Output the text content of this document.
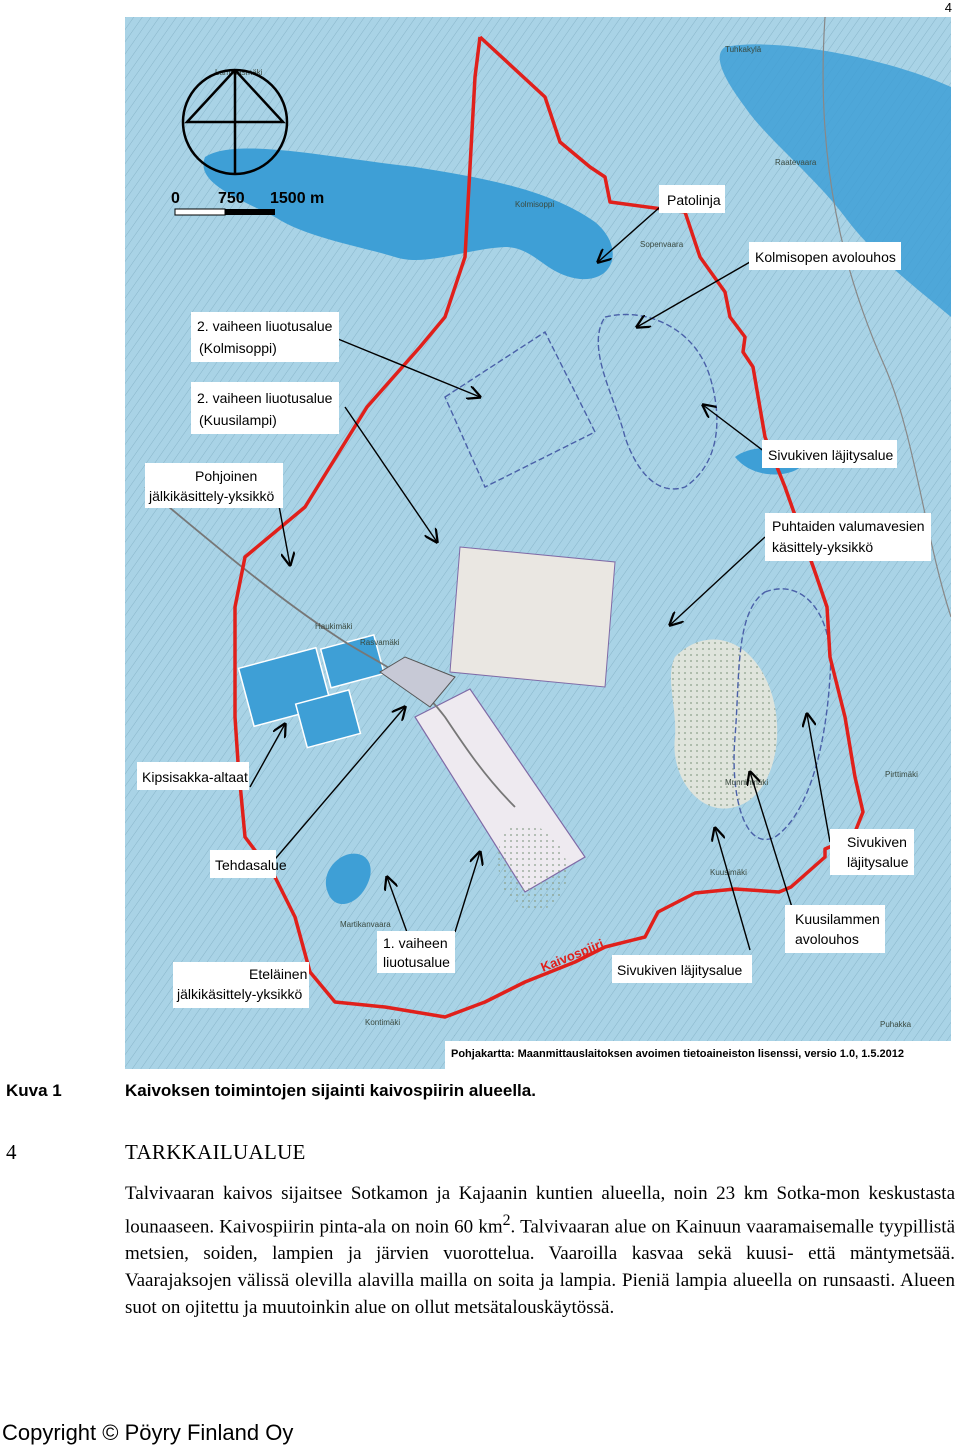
4
Lammasmäki
Tuhkakylä
Kolmisoppi
Sopenvaara
Haukimäki
Rasvamäki
Munninmäki
Pirttimäki
Kuusimäki
Puhakka
Raatevaara
Martikanvaara
Kontimäki
0 750 1500 m	Patolinja
Kolmisopen avolouhos
2. vaiheen liuotusalue
(Kolmisoppi)
2. vaiheen liuotusalue
(Kuusilampi)
Sivukiven läjitysalue
Pohjoinen
jälkikäsittely-yksikkö
Puhtaiden valumavesien
käsittely-yksikkö
Kipsisakka-altaat
Sivukiven
läjitysalue
Tehdasalue
Kuusilammen
avolouhos
1. vaiheen
liuotusalue	Kaivospiiri Sivukiven läjitysalue
Eteläinen
jälkikäsittely-yksikkö
Pohjakartta: Maanmittauslaitoksen avoimen tietoaineiston lisenssi, versio 1.0, 1.5.2012
Kuva 1	Kaivoksen toimintojen sijainti kaivospiirin alueella.
4	TARKKAILUALUE
Talvivaaran kaivos sijaitsee Sotkamon ja Kajaanin kuntien alueella, noin 23 km Sotka-mon keskustasta lounaaseen. Kaivospiirin pinta-ala on noin 60 $km^2$. Talvivaaran alue on Kainuun vaaramaisemalle tyypillistä metsien, soiden, lampien ja järvien vuorottelua. Vaaroilla kasvaa sekä kuusi- että mäntymetsää. Vaarajaksojen välissä olevilla alavilla mailla on soita ja lampia. Pieniä lampia alueella on runsaasti. Alueen suot on ojitettu ja muutoinkin alue on ollut metsätalouskäytössä.
Copyright © Pöyry Finland Oy
